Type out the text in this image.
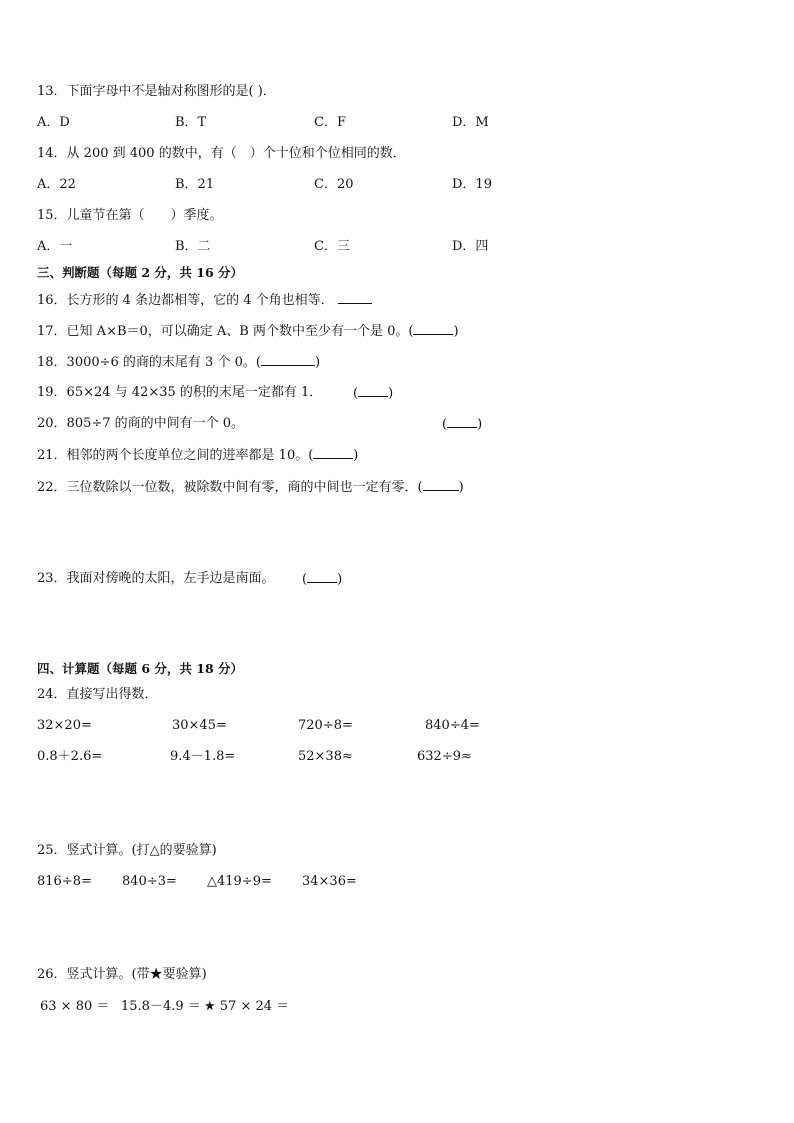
13．下面字母中不是轴对称图形的是( )．
A．D	B．T	C．F	D．M
14．从 200 到 400 的数中，有（　）个十位和个位相同的数．
A．22	B．21	C．20	D．19
15．儿童节在第（　　）季度。
A．一	B．二	C．三	D．四
三、判断题（每题 2 分，共 16 分）
16．长方形的 4 条边都相等，它的 4 个角也相等．
17．已知 A×B＝0，可以确定 A、B 两个数中至少有一个是 0。(	)
18．3000÷6 的商的末尾有 3 个 0。(	)
19．65×24 与 42×35 的积的末尾一定都有 1． ( )
20．805÷7 的商的中间有一个 0。	( )
21．相邻的两个长度单位之间的进率都是 10。(	)
22．三位数除以一位数，被除数中间有零，商的中间也一定有零．(	)
23．我面对傍晚的太阳，左手边是南面。 ( )
四、计算题（每题 6 分，共 18 分）
24．直接写出得数．
32×20=	30×45=	720÷8=	840÷4=
0.8＋2.6=	9.4－1.8=	52×38≈	632÷9≈
25．竖式计算。(打△的要验算)
816÷8= 840÷3= △419÷9= 34×36=
26．竖式计算。(带★要验算)
63 × 80 ＝ 15.8－4.9 ＝ ★ 57 × 24 ＝
